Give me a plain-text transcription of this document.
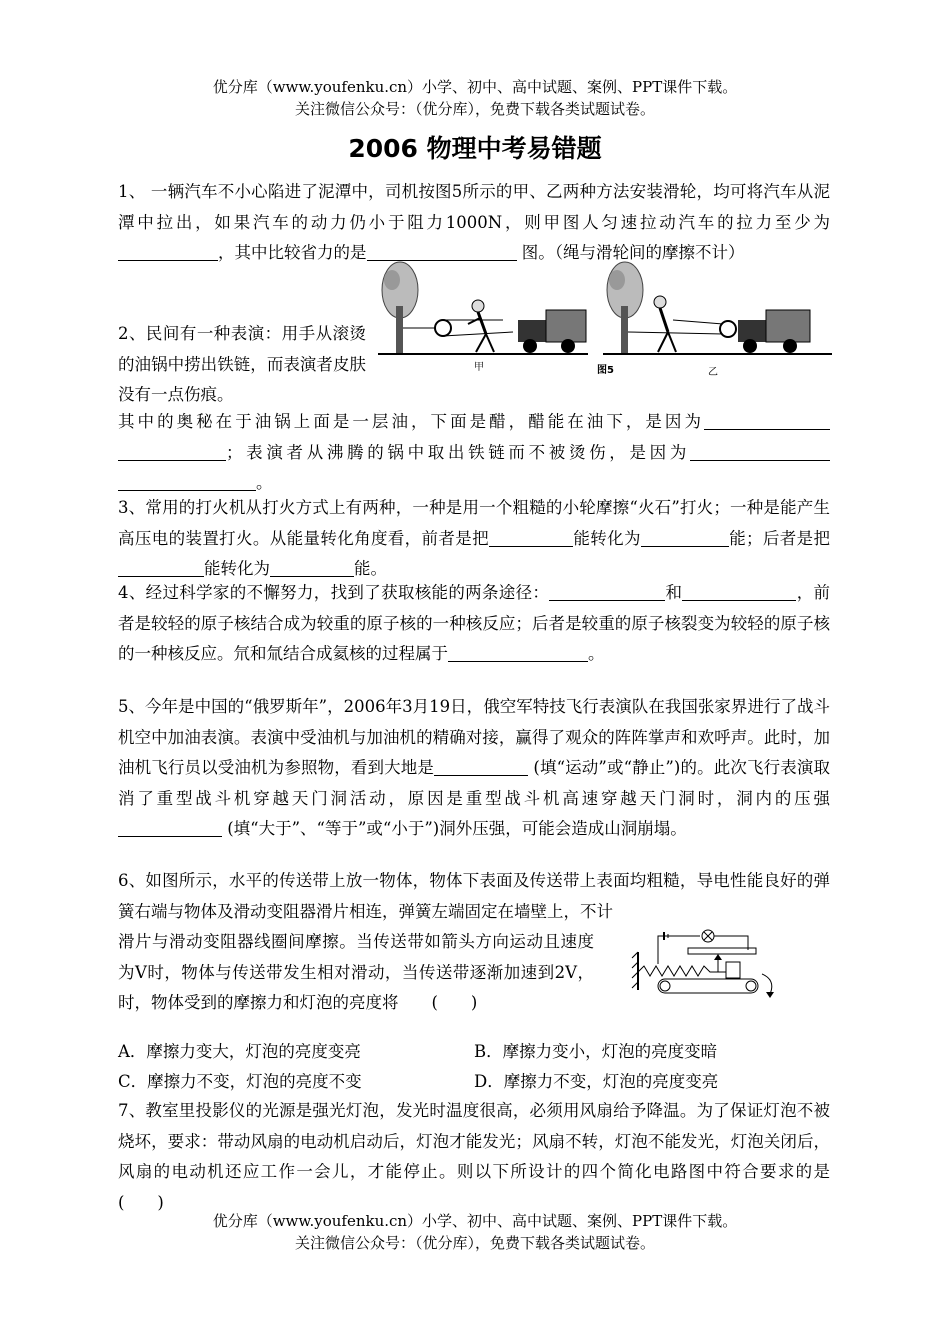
优分库（www.youfenku.cn）小学、初中、高中试题、案例、PPT课件下载。
关注微信公众号：（优分库），免费下载各类试题试卷。
2006 物理中考易错题

1、 一辆汽车不小心陷进了泥潭中，司机按图5所示的甲、乙两种方法安装滑轮，均可将汽车从泥潭中拉出，如果汽车的动力仍小于阻力1000N，则甲图人匀速拉动汽车的拉力至少为，其中比较省力的是	图。（绳与滑轮间的摩擦不计）

甲	图5	乙

2、民间有一种表演：用手从滚烫的油锅中捞出铁链，而表演者皮肤没有一点伤痕。

其中的奥秘在于油锅上面是一层油，下面是醋，醋能在油下，是因为；表演者从沸腾的锅中取出铁链而不被烫伤，是因为。

3、常用的打火机从打火方式上有两种，一种是用一个粗糙的小轮摩擦“火石”打火；一种是能产生高压电的装置打火。从能量转化角度看，前者是把	能转化为	能；后者是把能转化为	能。

4、经过科学家的不懈努力，找到了获取核能的两条途径：	和	，前者是较轻的原子核结合成为较重的原子核的一种核反应；后者是较重的原子核裂变为较轻的原子核的一种核反应。氘和氚结合成氦核的过程属于	。

5、今年是中国的“俄罗斯年”，2006年3月19日，俄空军特技飞行表演队在我国张家界进行了战斗机空中加油表演。表演中受油机与加油机的精确对接，赢得了观众的阵阵掌声和欢呼声。此时，加油机飞行员以受油机为参照物，看到大地是	(填“运动”或“静止”)的。此次飞行表演取消了重型战斗机穿越天门洞活动，原因是重型战斗机高速穿越天门洞时，洞内的压强 (填“大于”、“等于”或“小于”)洞外压强，可能会造成山洞崩塌。

6、如图所示，水平的传送带上放一物体，物体下表面及传送带上表面均粗糙，导电性能良好的弹簧右端与物体及滑动变阻器滑片相连，弹簧左端固定在墙壁上，不计

滑片与滑动变阻器线圈间摩擦。当传送带如箭头方向运动且速度为V时，物体与传送带发生相对滑动，当传送带逐渐加速到2V，时，物体受到的摩擦力和灯泡的亮度将　　(　　)

A．摩擦力变大，灯泡的亮度变亮	B．摩擦力变小，灯泡的亮度变暗
C．摩擦力不变，灯泡的亮度不变	D．摩擦力不变，灯泡的亮度变亮

7、教室里投影仪的光源是强光灯泡，发光时温度很高，必须用风扇给予降温。为了保证灯泡不被烧坏，要求：带动风扇的电动机启动后，灯泡才能发光；风扇不转，灯泡不能发光，灯泡关闭后，风扇的电动机还应工作一会儿，才能停止。则以下所设计的四个简化电路图中符合要求的是　　(　　)

优分库（www.youfenku.cn）小学、初中、高中试题、案例、PPT课件下载。
关注微信公众号：（优分库），免费下载各类试题试卷。
